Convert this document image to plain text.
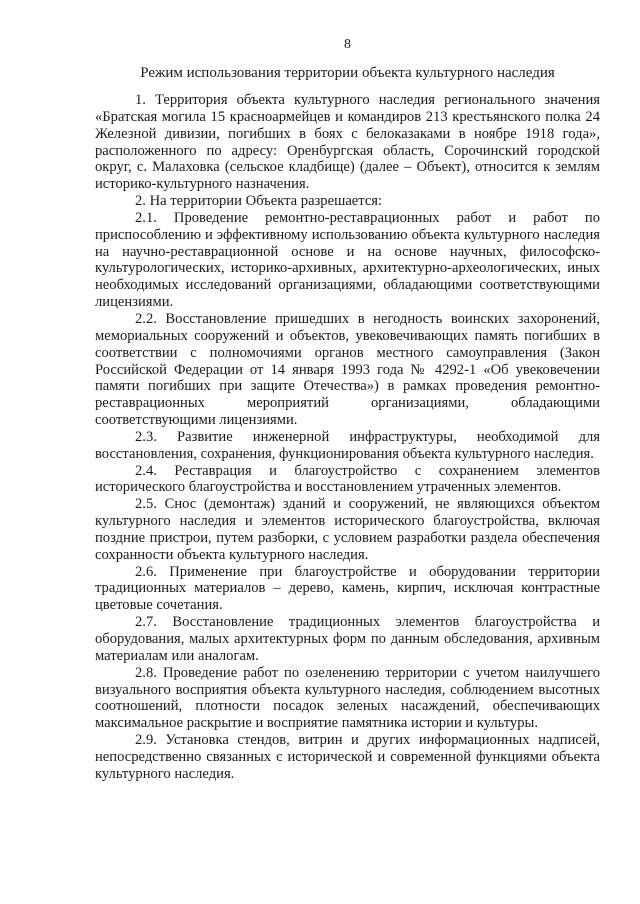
8
Режим использования территории объекта культурного наследия

1. Территория объекта культурного наследия регионального значения «Братская могила 15 красноармейцев и командиров 213 крестьянского полка 24 Железной дивизии, погибших в боях с белоказаками в ноябре 1918 года», расположенного по адресу: Оренбургская область, Сорочинский городской округ, с. Малаховка (сельское кладбище) (далее – Объект), относится к землям историко-культурного назначения.

2. На территории Объекта разрешается:

2.1. Проведение ремонтно-реставрационных работ и работ по приспособлению и эффективному использованию объекта культурного наследия на научно-реставрационной основе и на основе научных, философско-культурологических, историко-архивных, архитектурно-археологических, иных необходимых исследований организациями, обладающими соответствующими лицензиями.

2.2. Восстановление пришедших в негодность воинских захоронений, мемориальных сооружений и объектов, увековечивающих память погибших в соответствии с полномочиями органов местного самоуправления (Закон Российской Федерации от 14 января 1993 года № 4292-1 «Об увековечении памяти погибших при защите Отечества») в рамках проведения ремонтно-реставрационных мероприятий организациями, обладающими соответствующими лицензиями.

2.3. Развитие инженерной инфраструктуры, необходимой для восстановления, сохранения, функционирования объекта культурного наследия.

2.4. Реставрация и благоустройство с сохранением элементов исторического благоустройства и восстановлением утраченных элементов.

2.5. Снос (демонтаж) зданий и сооружений, не являющихся объектом культурного наследия и элементов исторического благоустройства, включая поздние пристрои, путем разборки, с условием разработки раздела обеспечения сохранности объекта культурного наследия.

2.6. Применение при благоустройстве и оборудовании территории традиционных материалов – дерево, камень, кирпич, исключая контрастные цветовые сочетания.

2.7. Восстановление традиционных элементов благоустройства и оборудования, малых архитектурных форм по данным обследования, архивным материалам или аналогам.

2.8. Проведение работ по озеленению территории с учетом наилучшего визуального восприятия объекта культурного наследия, соблюдением высотных соотношений, плотности посадок зеленых насаждений, обеспечивающих максимальное раскрытие и восприятие памятника истории и культуры.

2.9. Установка стендов, витрин и других информационных надписей, непосредственно связанных с исторической и современной функциями объекта культурного наследия.
